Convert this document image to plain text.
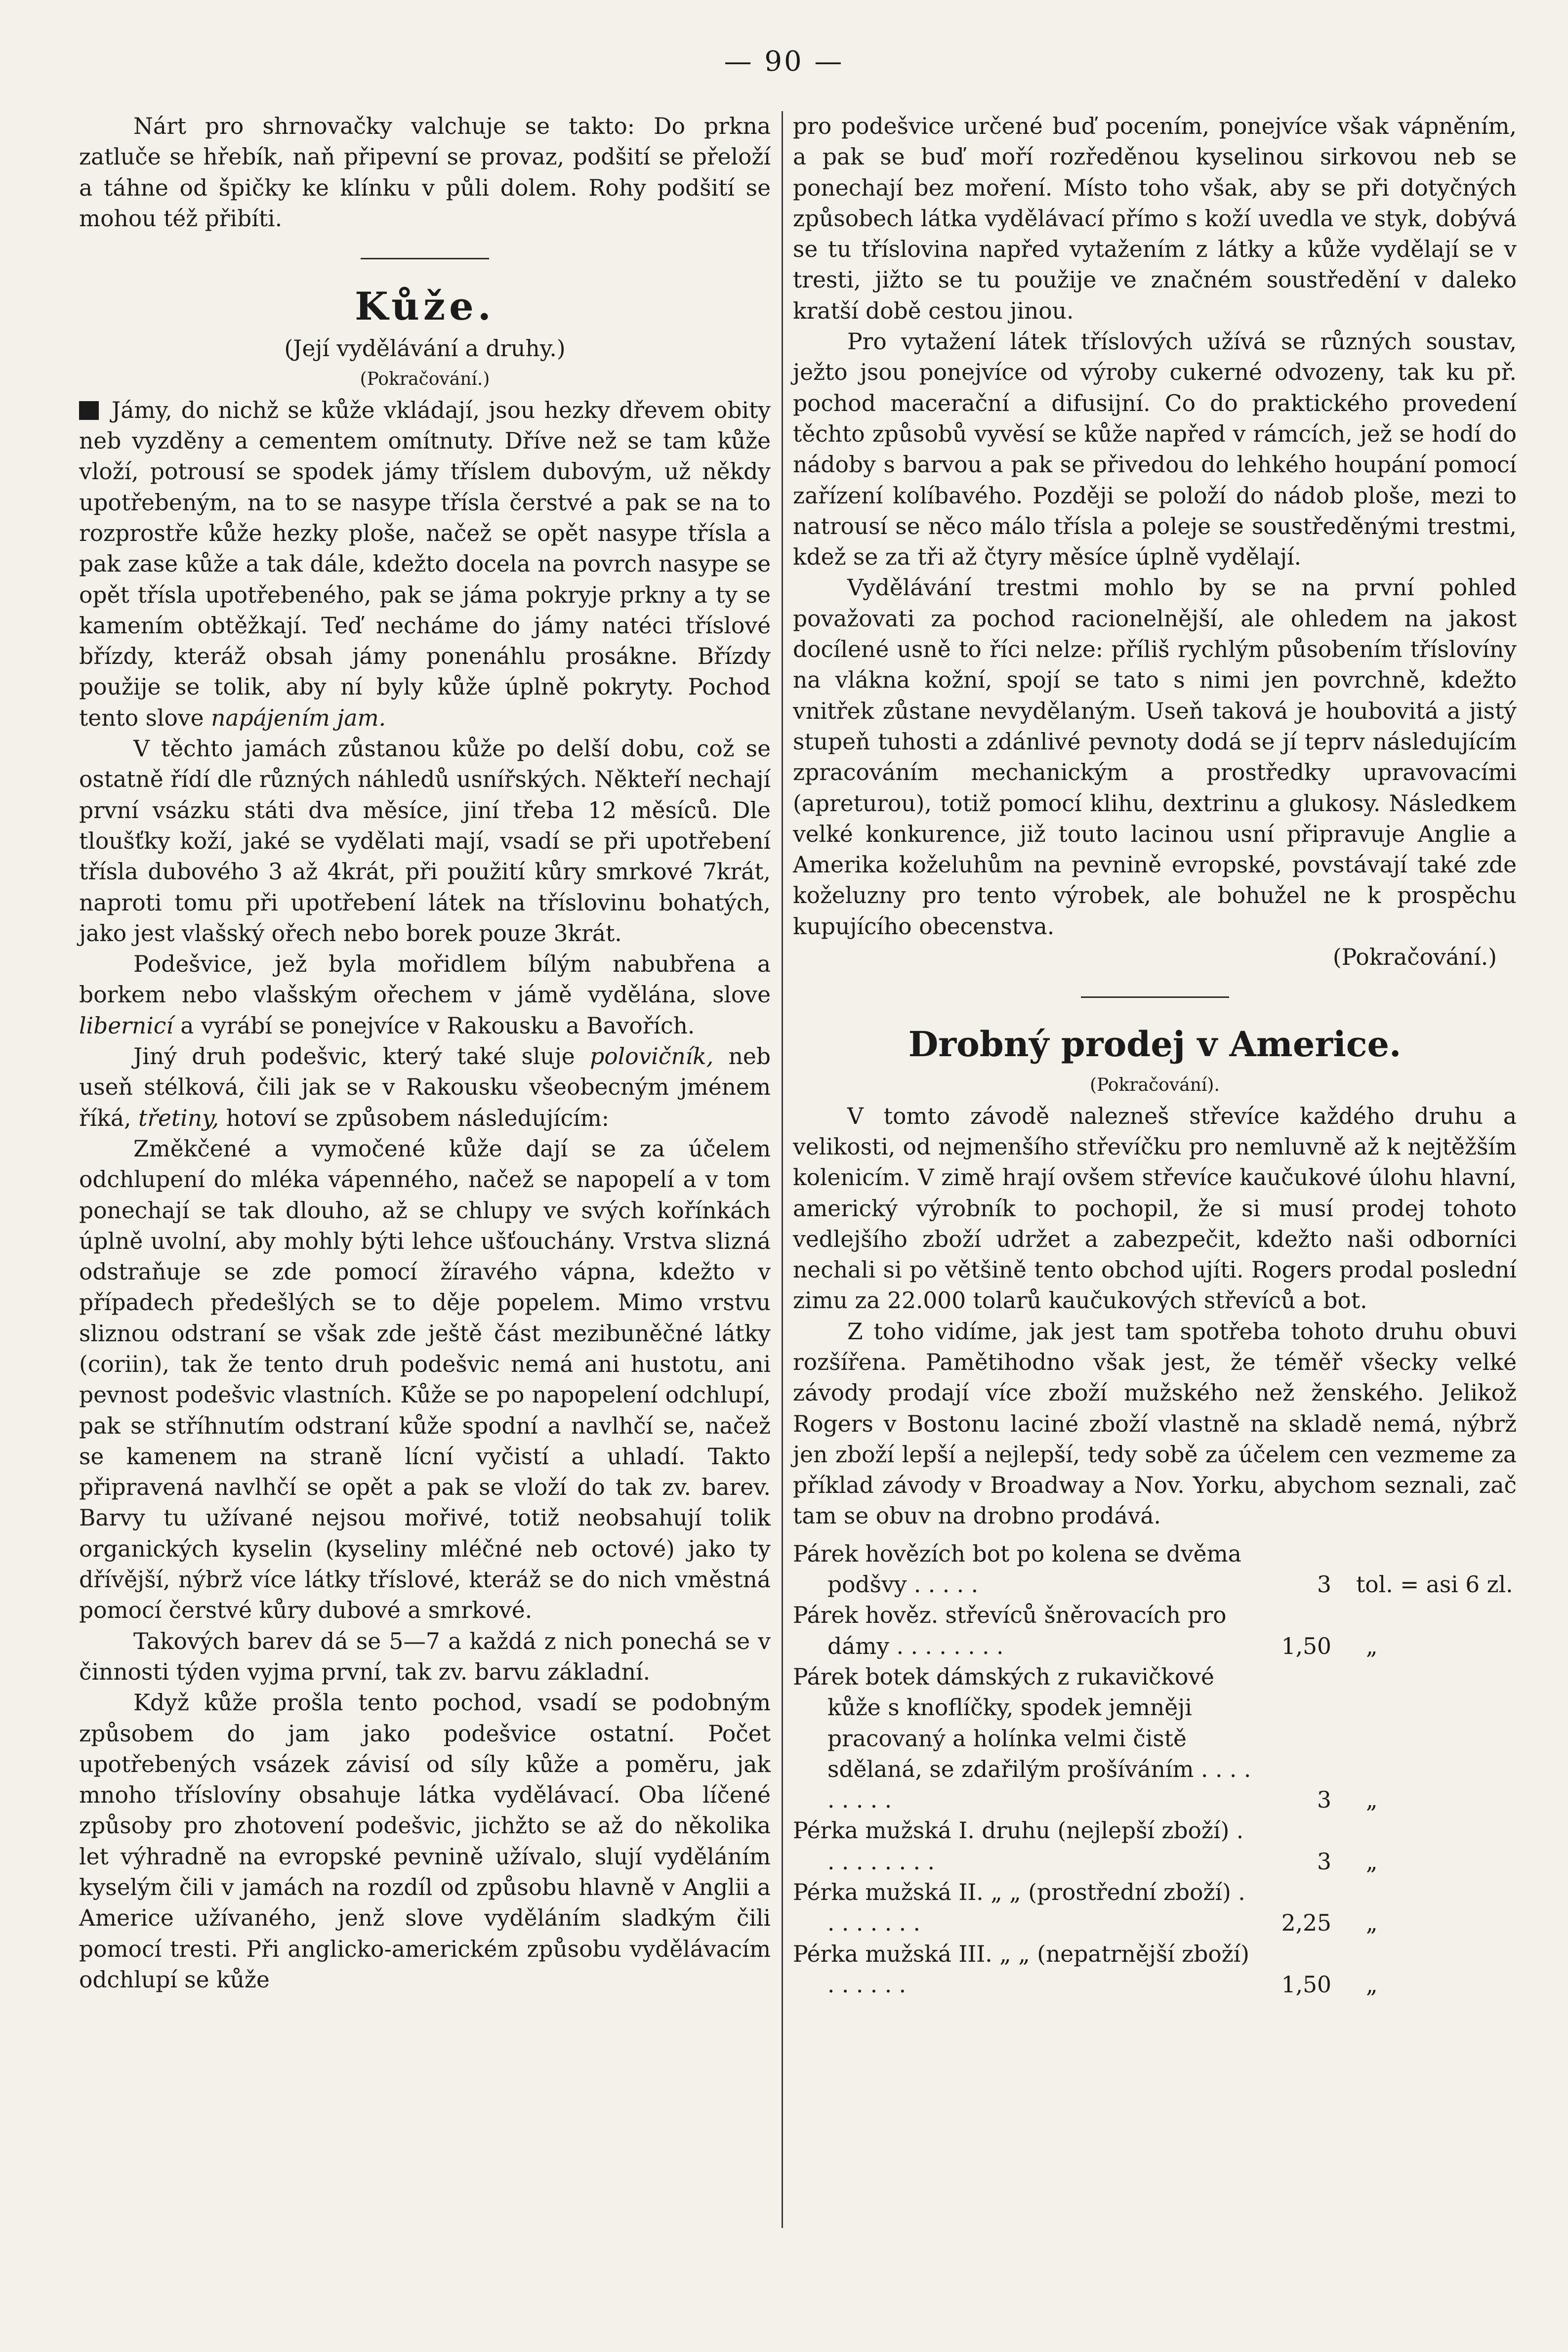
— 90 —

Nárt pro shrnovačky valchuje se takto: Do prkna zatluče se hřebík, naň připevní se provaz, podšití se přeloží a táhne od špičky ke klínku v půli dolem. Rohy podšití se mohou též přibíti.

Kůže.
(Její vydělávání a druhy.)
(Pokračování.)

Jámy, do nichž se kůže vkládají, jsou hezky dřevem obity neb vyzděny a cementem omítnuty. Dříve než se tam kůže vloží, potrousí se spodek jámy tříslem dubovým, už někdy upotřebeným, na to se nasype třísla čerstvé a pak se na to rozprostře kůže hezky ploše, načež se opět nasype třísla a pak zase kůže a tak dále, kdežto docela na povrch nasype se opět třísla upotřebeného, pak se jáma pokryje prkny a ty se kamením obtěžkají. Teď necháme do jámy natéci tříslové břízdy, kteráž obsah jámy ponenáhlu prosákne. Břízdy použije se tolik, aby ní byly kůže úplně pokryty. Pochod tento slove napájením jam.

V těchto jamách zůstanou kůže po delší dobu, což se ostatně řídí dle různých náhledů usnířských. Někteří nechají první vsázku státi dva měsíce, jiní třeba 12 měsíců. Dle tloušťky koží, jaké se vydělati mají, vsadí se při upotřebení třísla dubového 3 až 4krát, při použití kůry smrkové 7krát, naproti tomu při upotřebení látek na tříslovinu bohatých, jako jest vlašský ořech nebo borek pouze 3krát.

Podešvice, jež byla mořidlem bílým nabubřena a borkem nebo vlašským ořechem v jámě vydělána, slove libernicí a vyrábí se ponejvíce v Rakousku a Bavořích.

Jiný druh podešvic, který také sluje polovičník, neb useň stélková, čili jak se v Rakousku všeobecným jménem říká, třetiny, hotoví se způsobem následujícím:

Změkčené a vymočené kůže dají se za účelem odchlupení do mléka vápenného, načež se napopelí a v tom ponechají se tak dlouho, až se chlupy ve svých kořínkách úplně uvolní, aby mohly býti lehce ušťouchány. Vrstva slizná odstraňuje se zde pomocí žíravého vápna, kdežto v případech předešlých se to děje popelem. Mimo vrstvu sliznou odstraní se však zde ještě část mezibuněčné látky (coriin), tak že tento druh podešvic nemá ani hustotu, ani pevnost podešvic vlastních. Kůže se po napopelení odchlupí, pak se stříhnutím odstraní kůže spodní a navlhčí se, načež se kamenem na straně lícní vyčistí a uhladí. Takto připravená navlhčí se opět a pak se vloží do tak zv. barev. Barvy tu užívané nejsou mořivé, totiž neobsahují tolik organických kyselin (kyseliny mléčné neb octové) jako ty dřívější, nýbrž více látky tříslové, kteráž se do nich vměstná pomocí čerstvé kůry dubové a smrkové.

Takových barev dá se 5—7 a každá z nich ponechá se v činnosti týden vyjma první, tak zv. barvu základní.

Když kůže prošla tento pochod, vsadí se podobným způsobem do jam jako podešvice ostatní. Počet upotřebených vsázek závisí od síly kůže a poměru, jak mnoho tříslovíny obsahuje látka vydělávací. Oba líčené způsoby pro zhotovení podešvic, jichžto se až do několika let výhradně na evropské pevnině užívalo, slují vyděláním kyselým čili v jamách na rozdíl od způsobu hlavně v Anglii a Americe užívaného, jenž slove vyděláním sladkým čili pomocí tresti. Při anglicko-americkém způsobu vydělávacím odchlupí se kůže

pro podešvice určené buď pocením, ponejvíce však vápněním, a pak se buď moří rozředěnou kyselinou sirkovou neb se ponechají bez moření. Místo toho však, aby se při dotyčných způsobech látka vydělávací přímo s koží uvedla ve styk, dobývá se tu tříslovina napřed vytažením z látky a kůže vydělají se v tresti, jižto se tu použije ve značném soustředění v daleko kratší době cestou jinou.

Pro vytažení látek tříslových užívá se různých soustav, ježto jsou ponejvíce od výroby cukerné odvozeny, tak ku př. pochod macerační a difusijní. Co do praktického provedení těchto způsobů vyvěsí se kůže napřed v rámcích, jež se hodí do nádoby s barvou a pak se přivedou do lehkého houpání pomocí zařízení kolíbavého. Později se položí do nádob ploše, mezi to natrousí se něco málo třísla a poleje se soustředěnými trestmi, kdež se za tři až čtyry měsíce úplně vydělají.

Vydělávání trestmi mohlo by se na první pohled považovati za pochod racionelnější, ale ohledem na jakost docílené usně to říci nelze: příliš rychlým působením tříslovíny na vlákna kožní, spojí se tato s nimi jen povrchně, kdežto vnitřek zůstane nevydělaným. Useň taková je houbovitá a jistý stupeň tuhosti a zdánlivé pevnoty dodá se jí teprv následujícím zpracováním mechanickým a prostředky upravovacími (apreturou), totiž pomocí klihu, dextrinu a glukosy. Následkem velké konkurence, již touto lacinou usní připravuje Anglie a Amerika koželuhům na pevnině evropské, povstávají také zde koželuzny pro tento výrobek, ale bohužel ne k prospěchu kupujícího obecenstva.

(Pokračování.)
Drobný prodej v Americe.
(Pokračování).

V tomto závodě nalezneš střevíce každého druhu a velikosti, od nejmenšího střevíčku pro nemluvně až k nejtěžším kolenicím. V zimě hrají ovšem střevíce kaučukové úlohu hlavní, americký výrobník to pochopil, že si musí prodej tohoto vedlejšího zboží udržet a zabezpečit, kdežto naši odborníci nechali si po většině tento obchod ujíti. Rogers prodal poslední zimu za 22.000 tolarů kaučukových střevíců a bot.

Z toho vidíme, jak jest tam spotřeba tohoto druhu obuvi rozšířena. Pamětihodno však jest, že téměř všecky velké závody prodají více zboží mužského než ženského. Jelikož Rogers v Bostonu laciné zboží vlastně na skladě nemá, nýbrž jen zboží lepší a nejlepší, tedy sobě za účelem cen vezmeme za příklad závody v Broadway a Nov. Yorku, abychom seznali, zač tam se obuv na drobno prodává.

Párek hovězích bot po kolena se dvěma podšvy . . . . .	3	tol. = asi 6 zl.

Párek hověz. střevíců šněrovacích pro dámy . . . . . . . .	1,50	„

Párek botek dámských z rukavičkové kůže s knoflíčky, spodek jemněji pracovaný a holínka velmi čistě sdělaná, se zdařilým prošíváním . . . . . . . . .	3	„

Pérka mužská I. druhu (nejlepší zboží) . . . . . . . . .	3	„

Pérka mužská II. „ „ (prostřední zboží) . . . . . . . .	2,25	„

Pérka mužská III. „ „ (nepatrnější zboží) . . . . . .	1,50	„
